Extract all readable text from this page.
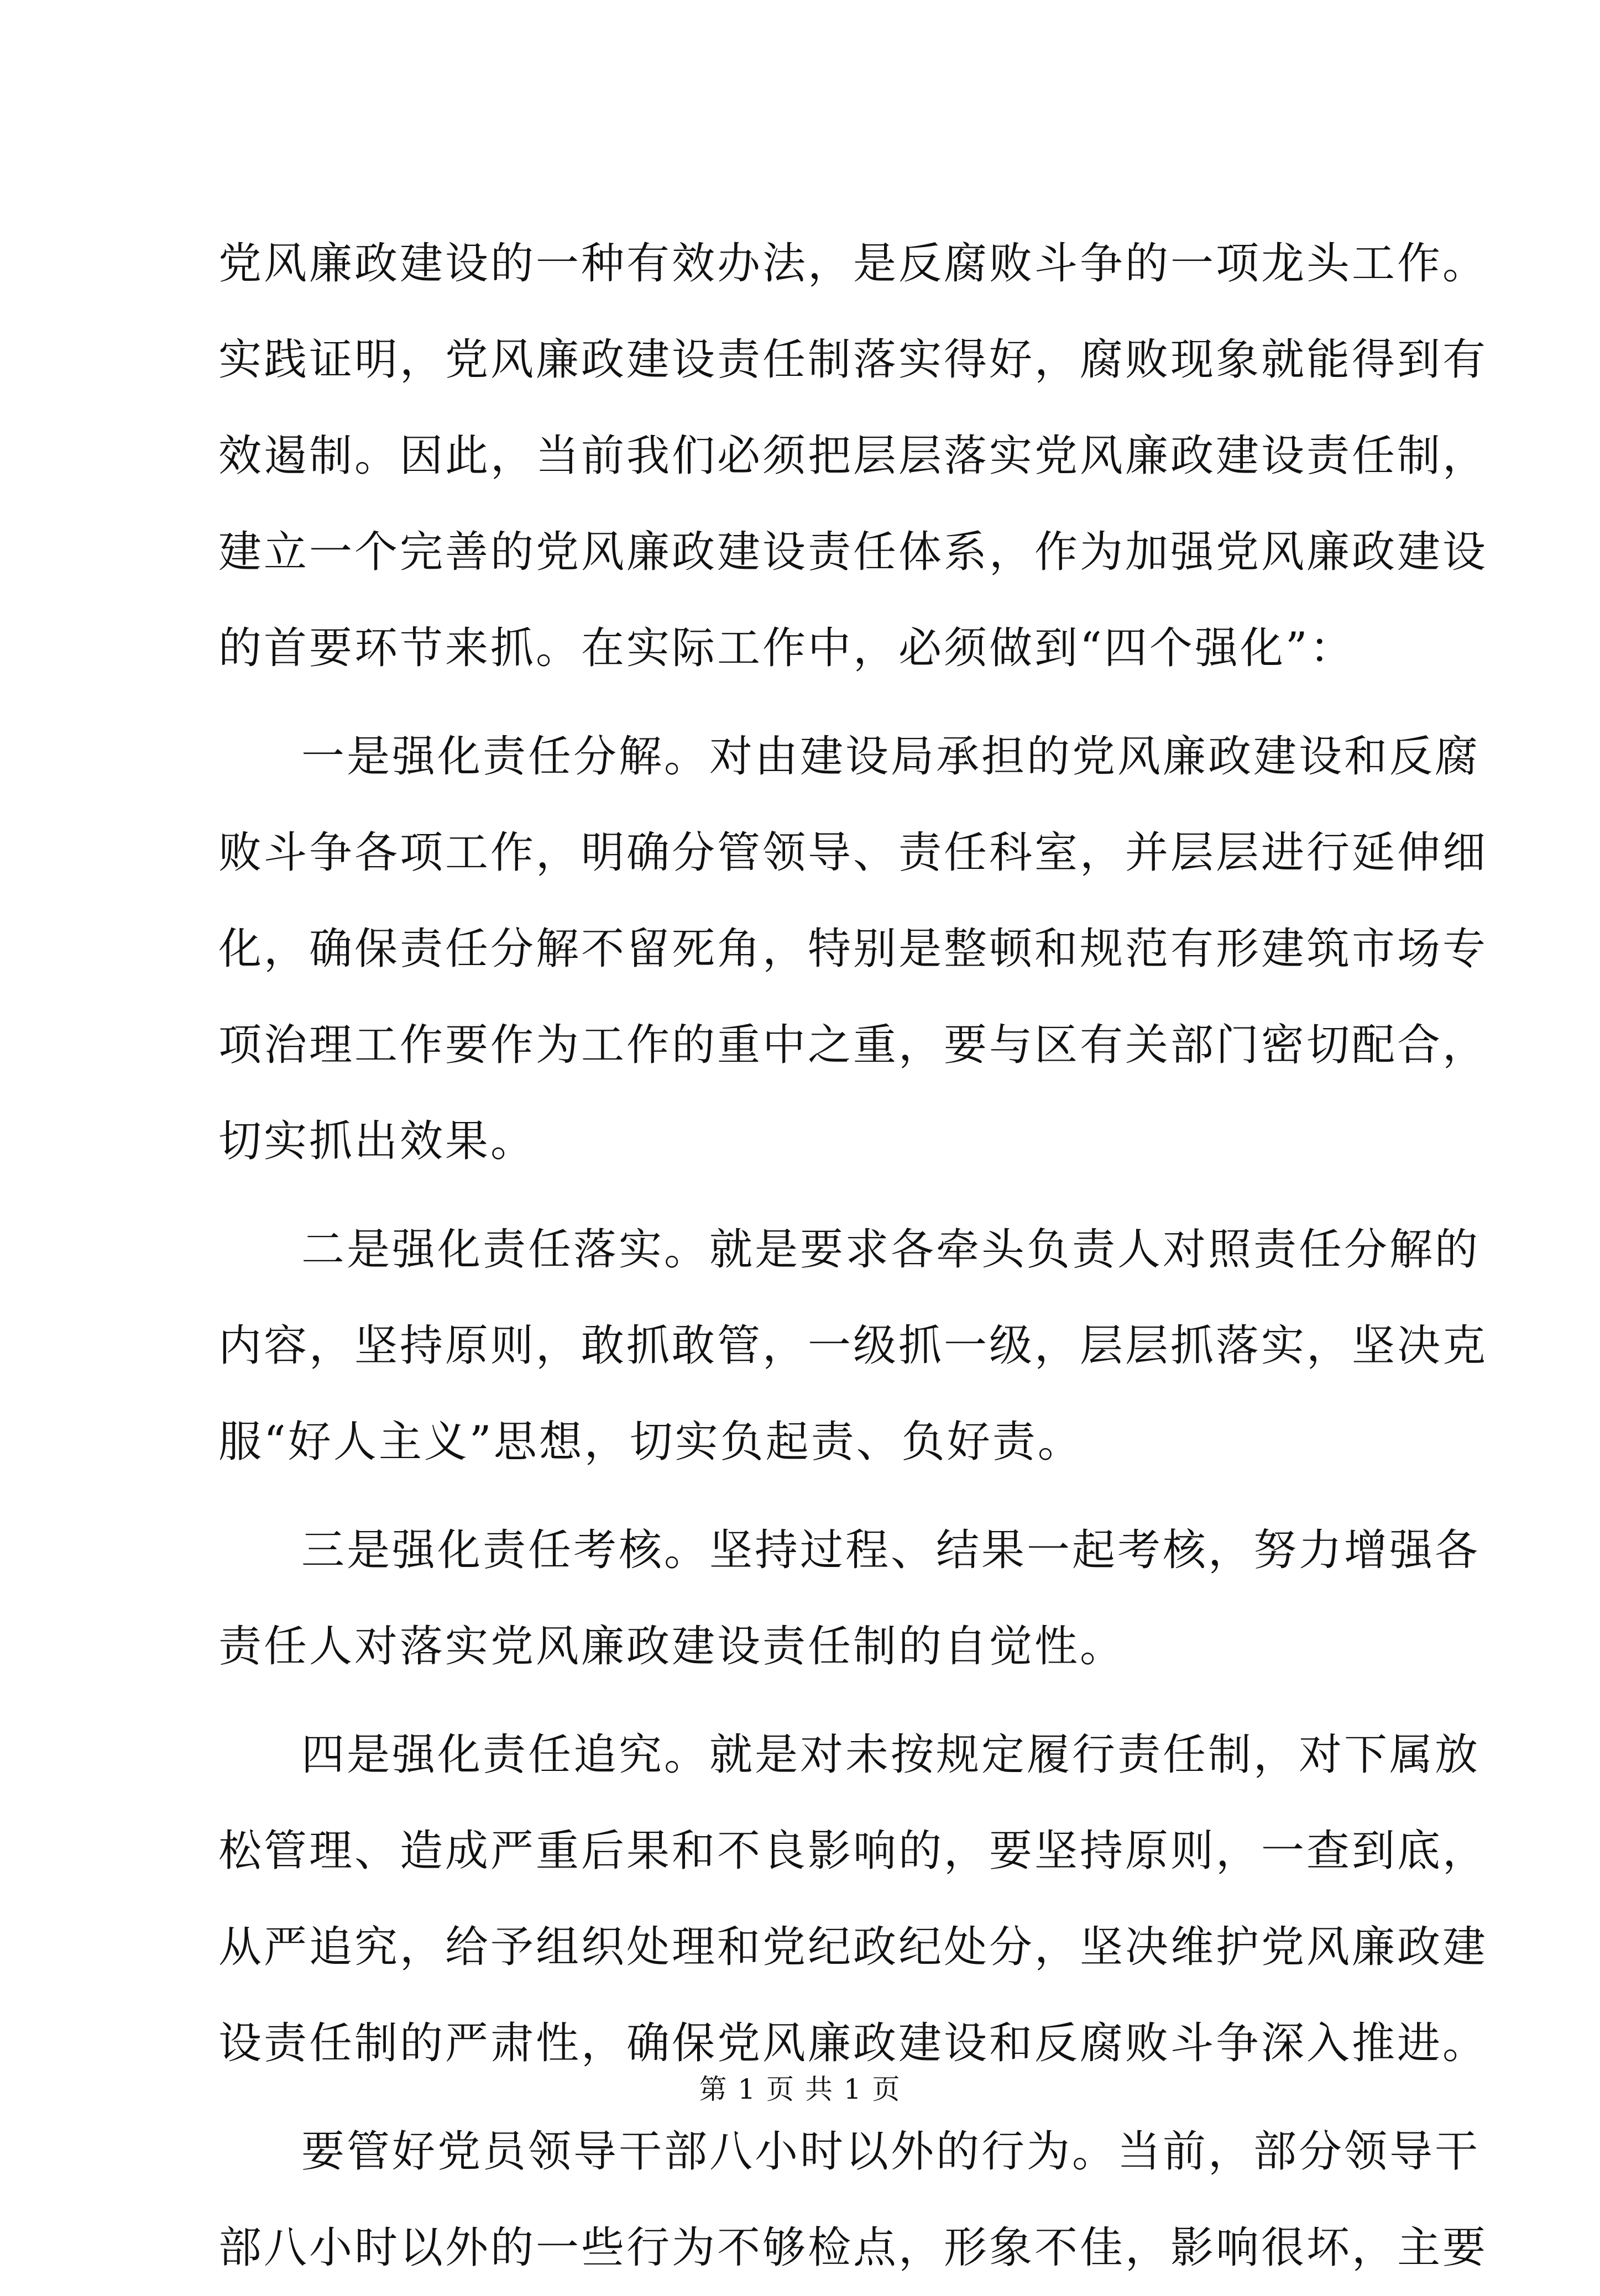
党风廉政建设的一种有效办法，是反腐败斗争的一项龙头工作。
实践证明，党风廉政建设责任制落实得好，腐败现象就能得到有
效遏制。因此，当前我们必须把层层落实党风廉政建设责任制，
建立一个完善的党风廉政建设责任体系，作为加强党风廉政建设
的首要环节来抓。在实际工作中，必须做到“四个强化”：
一是强化责任分解。对由建设局承担的党风廉政建设和反腐
败斗争各项工作，明确分管领导、责任科室，并层层进行延伸细
化，确保责任分解不留死角，特别是整顿和规范有形建筑市场专
项治理工作要作为工作的重中之重，要与区有关部门密切配合，
切实抓出效果。
二是强化责任落实。就是要求各牵头负责人对照责任分解的
内容，坚持原则，敢抓敢管，一级抓一级，层层抓落实，坚决克
服“好人主义”思想，切实负起责、负好责。
三是强化责任考核。坚持过程、结果一起考核，努力增强各
责任人对落实党风廉政建设责任制的自觉性。
四是强化责任追究。就是对未按规定履行责任制，对下属放
松管理、造成严重后果和不良影响的，要坚持原则，一查到底，
从严追究，给予组织处理和党纪政纪处分，坚决维护党风廉政建
设责任制的严肃性，确保党风廉政建设和反腐败斗争深入推进。
要管好党员领导干部八小时以外的行为。当前，部分领导干
部八小时以外的一些行为不够检点，形象不佳，影响很坏，主要
第 1 页 共 1 页
